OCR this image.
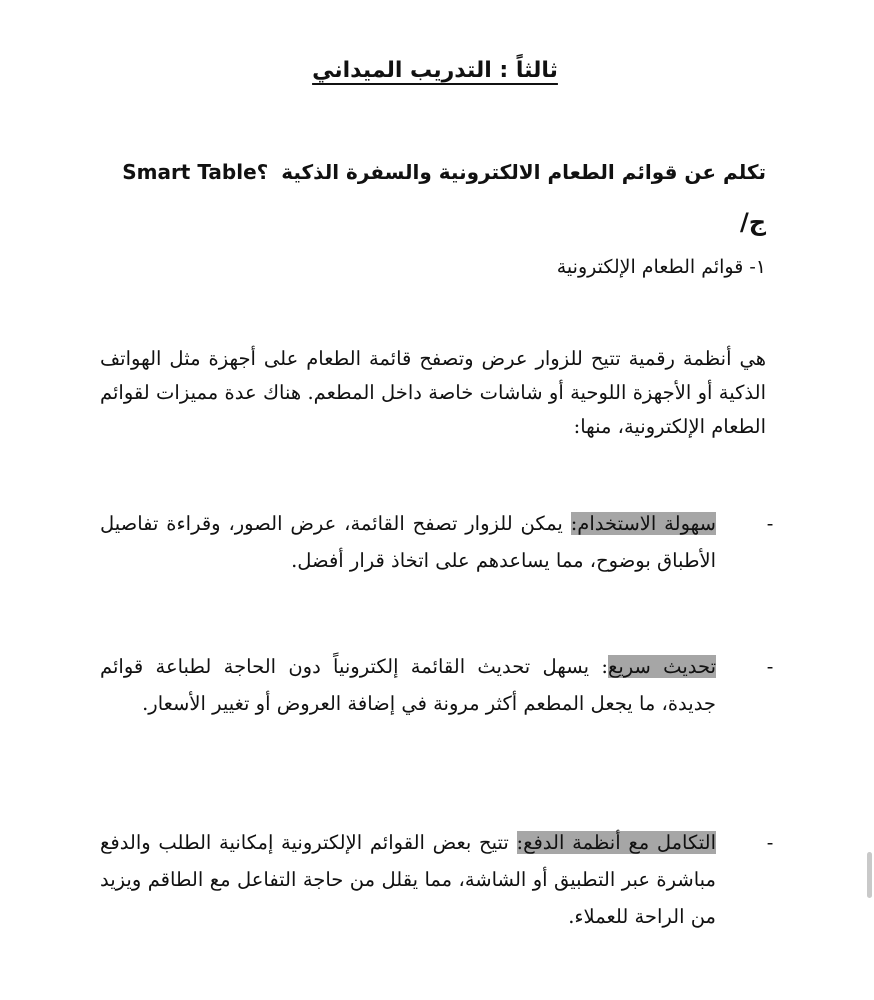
ثالثاً : التدريب الميداني
تكلم عن قوائم الطعام الالكترونية والسفرة الذكية Smart Table؟
ج/
١- قوائم الطعام الإلكترونية
هي أنظمة رقمية تتيح للزوار عرض وتصفح قائمة الطعام على أجهزة مثل الهواتف الذكية أو الأجهزة اللوحية أو شاشات خاصة داخل المطعم. هناك عدة مميزات لقوائم الطعام الإلكترونية، منها:
-
سهولة الاستخدام: يمكن للزوار تصفح القائمة، عرض الصور، وقراءة تفاصيل الأطباق بوضوح، مما يساعدهم على اتخاذ قرار أفضل.
-
تحديث سريع: يسهل تحديث القائمة إلكترونياً دون الحاجة لطباعة قوائم جديدة، ما يجعل المطعم أكثر مرونة في إضافة العروض أو تغيير الأسعار.
-
التكامل مع أنظمة الدفع: تتيح بعض القوائم الإلكترونية إمكانية الطلب والدفع مباشرة عبر التطبيق أو الشاشة، مما يقلل من حاجة التفاعل مع الطاقم ويزيد من الراحة للعملاء.
